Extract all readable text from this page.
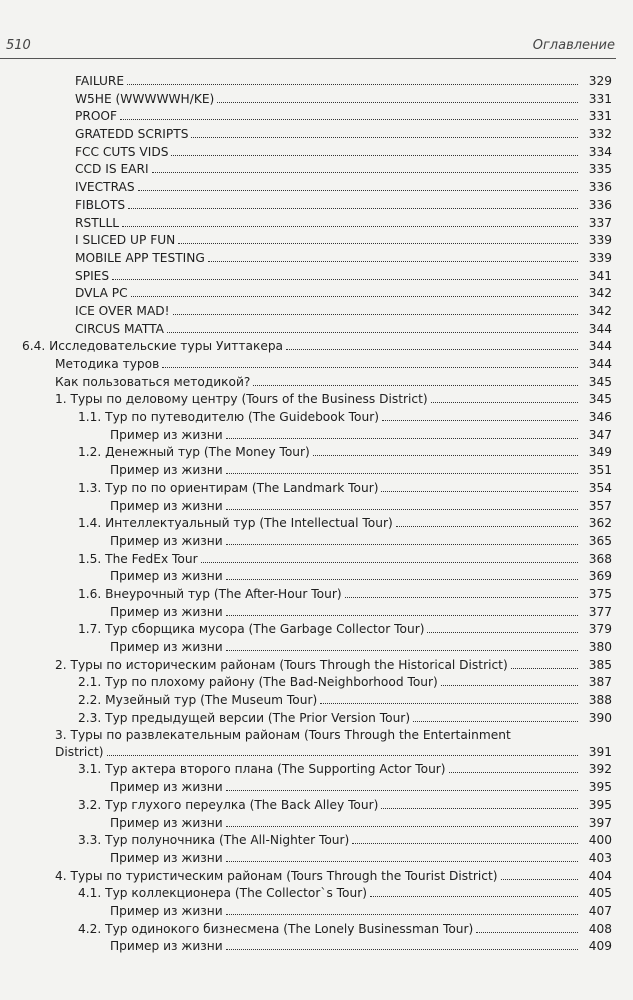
510	Оглавление
FAILURE	329
W5HE (WWWWWH/KE)	331
PROOF	331
GRATEDD SCRIPTS	332
FCC CUTS VIDS	334
CCD IS EARI	335
IVECTRAS	336
FIBLOTS	336
RSTLLL	337
I SLICED UP FUN	339
MOBILE APP TESTING	339
SPIES	341
DVLA PC	342
ICE OVER MAD!	342
CIRCUS MATTA	344
6.4. Исследовательские туры Уиттакера	344
Методика туров	344
Как пользоваться методикой?	345
1. Туры по деловому центру (Tours of the Business District)	345
1.1. Тур по путеводителю (The Guidebook Tour)	346
Пример из жизни	347
1.2. Денежный тур (The Money Tour)	349
Пример из жизни	351
1.3. Тур по по ориентирам (The Landmark Tour)	354
Пример из жизни	357
1.4. Интеллектуальный тур (The Intellectual Tour)	362
Пример из жизни	365
1.5. The FedEx Tour	368
Пример из жизни	369
1.6. Внеурочный тур (The After-Hour Tour)	375
Пример из жизни	377
1.7. Тур сборщика мусора (The Garbage Collector Tour)	379
Пример из жизни	380
2. Туры по историческим районам (Tours Through the Historical District)	385
2.1. Тур по плохому району (The Bad-Neighborhood Tour)	387
2.2. Музейный тур (The Museum Tour)	388
2.3. Тур предыдущей версии (The Prior Version Tour)	390
3. Туры по развлекательным районам (Tours Through the Entertainment
District)	391
3.1. Тур актера второго плана (The Supporting Actor Tour)	392
Пример из жизни	395
3.2. Тур глухого переулка (The Back Alley Tour)	395
Пример из жизни	397
3.3. Тур полуночника (The All-Nighter Tour)	400
Пример из жизни	403
4. Туры по туристическим районам (Tours Through the Tourist District)	404
4.1. Тур коллекционера (The Collector`s Tour)	405
Пример из жизни	407
4.2. Тур одинокого бизнесмена (The Lonely Businessman Tour)	408
Пример из жизни	409
